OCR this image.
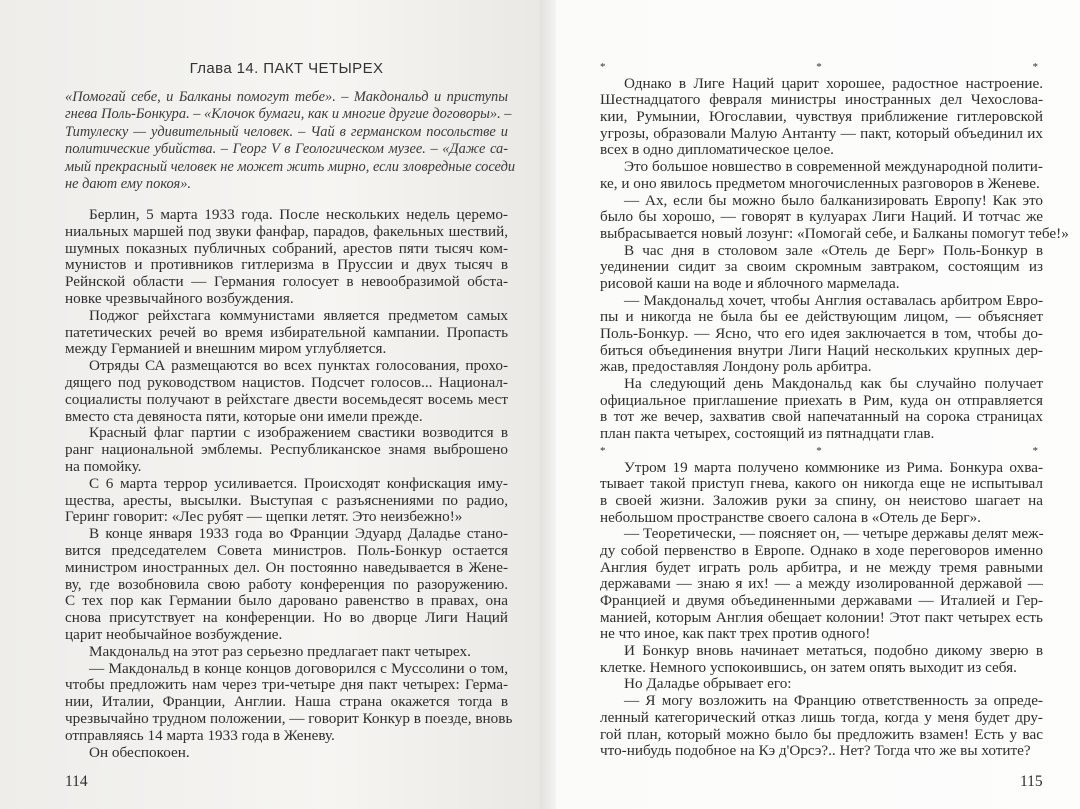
Глава 14. ПАКТ ЧЕТЫРЕХ
«Помогай себе, и Балканы помогут тебе». – Макдональд и приступы
гнева Поль-Бонкура. – «Клочок бумаги, как и многие другие договоры». –
Титулеску — удивительный человек. – Чай в германском посольстве и
политические убийства. – Георг V в Геологическом музее. – «Даже са-
мый прекрасный человек не может жить мирно, если зловредные соседи
не дают ему покоя».
Берлин, 5 марта 1933 года. После нескольких недель церемо-
ниальных маршей под звуки фанфар, парадов, факельных шествий,
шумных показных публичных собраний, арестов пяти тысяч ком-
мунистов и противников гитлеризма в Пруссии и двух тысяч в
Рейнской области — Германия голосует в невообразимой обста-
новке чрезвычайного возбуждения.
Поджог рейхстага коммунистами является предметом самых
патетических речей во время избирательной кампании. Пропасть
между Германией и внешним миром углубляется.
Отряды СА размещаются во всех пунктах голосования, прохо-
дящего под руководством нацистов. Подсчет голосов... Национал-
социалисты получают в рейхстаге двести восемьдесят восемь мест
вместо ста девяноста пяти, которые они имели прежде.
Красный флаг партии с изображением свастики возводится в
ранг национальной эмблемы. Республиканское знамя выброшено
на помойку.
С 6 марта террор усиливается. Происходят конфискация иму-
щества, аресты, высылки. Выступая с разъяснениями по радио,
Геринг говорит: «Лес рубят — щепки летят. Это неизбежно!»
В конце января 1933 года во Франции Эдуард Даладье стано-
вится председателем Совета министров. Поль-Бонкур остается
министром иностранных дел. Он постоянно наведывается в Жене-
ву, где возобновила свою работу конференция по разоружению.
С тех пор как Германии было даровано равенство в правах, она
снова присутствует на конференции. Но во дворце Лиги Наций
царит необычайное возбуждение.
Макдональд на этот раз серьезно предлагает пакт четырех.
— Макдональд в конце концов договорился с Муссолини о том,
чтобы предложить нам через три-четыре дня пакт четырех: Герма-
нии, Италии, Франции, Англии. Наша страна окажется тогда в
чрезвычайно трудном положении, — говорит Конкур в поезде, вновь
отправляясь 14 марта 1933 года в Женеву.
Он обеспокоен.
114
* * *
Однако в Лиге Наций царит хорошее, радостное настроение.
Шестнадцатого февраля министры иностранных дел Чехослова-
кии, Румынии, Югославии, чувствуя приближение гитлеровской
угрозы, образовали Малую Антанту — пакт, который объединил их
всех в одно дипломатическое целое.
Это большое новшество в современной международной полити-
ке, и оно явилось предметом многочисленных разговоров в Женеве.
— Ах, если бы можно было балканизировать Европу! Как это
было бы хорошо, — говорят в кулуарах Лиги Наций. И тотчас же
выбрасывается новый лозунг: «Помогай себе, и Балканы помогут тебе!»
В час дня в столовом зале «Отель де Берг» Поль-Бонкур в
уединении сидит за своим скромным завтраком, состоящим из
рисовой каши на воде и яблочного мармелада.
— Макдональд хочет, чтобы Англия оставалась арбитром Евро-
пы и никогда не была бы ее действующим лицом, — объясняет
Поль-Бонкур. — Ясно, что его идея заключается в том, чтобы до-
биться объединения внутри Лиги Наций нескольких крупных дер-
жав, предоставляя Лондону роль арбитра.
На следующий день Макдональд как бы случайно получает
официальное приглашение приехать в Рим, куда он отправляется
в тот же вечер, захватив свой напечатанный на сорока страницах
план пакта четырех, состоящий из пятнадцати глав.
* * *
Утром 19 марта получено коммюнике из Рима. Бонкура охва-
тывает такой приступ гнева, какого он никогда еще не испытывал
в своей жизни. Заложив руки за спину, он неистово шагает на
небольшом пространстве своего салона в «Отель де Берг».
— Теоретически, — поясняет он, — четыре державы делят меж-
ду собой первенство в Европе. Однако в ходе переговоров именно
Англия будет играть роль арбитра, и не между тремя равными
державами — знаю я их! — а между изолированной державой —
Францией и двумя объединенными державами — Италией и Гер-
манией, которым Англия обещает колонии! Этот пакт четырех есть
не что иное, как пакт трех против одного!
И Бонкур вновь начинает метаться, подобно дикому зверю в
клетке. Немного успокоившись, он затем опять выходит из себя.
Но Даладье обрывает его:
— Я могу возложить на Францию ответственность за опреде-
ленный категорический отказ лишь тогда, когда у меня будет дру-
гой план, который можно было бы предложить взамен! Есть у вас
что-нибудь подобное на Кэ д'Орсэ?.. Нет? Тогда что же вы хотите?
115
